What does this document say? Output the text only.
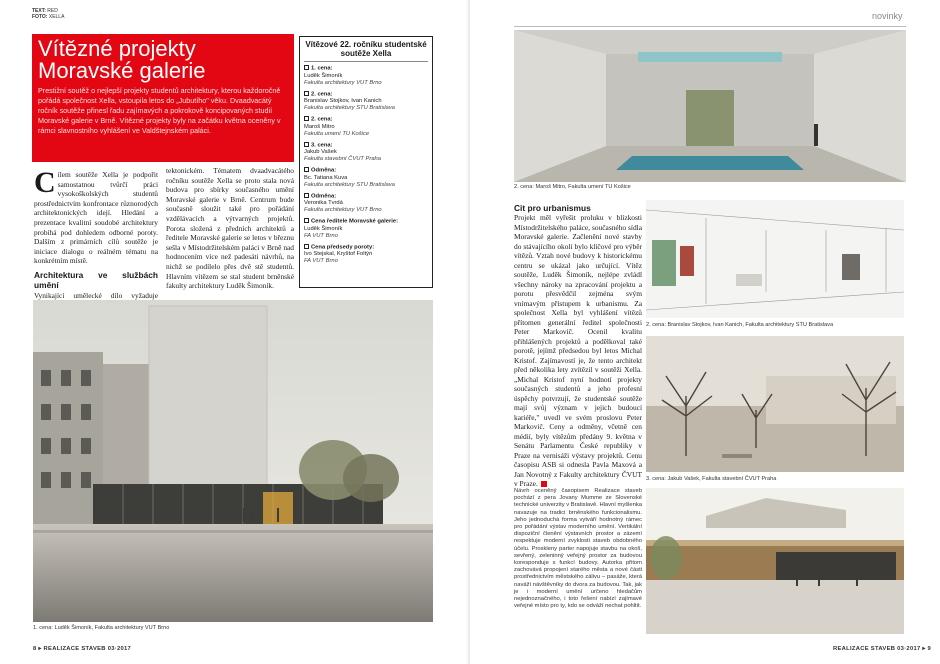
TEXT: RED
FOTO: XELLA
Vítězné projekty Moravské galerie

Prestižní soutěž o nejlepší projekty studentů architektury, kterou každoročně pořádá společnost Xella, vstoupila letos do „Jubutího" věku. Dvaadvacátý ročník soutěže přinesl řadu zajímavých a pokrokově koncipovaných studií Moravské galerie v Brně. Vítězné projekty byly na začátku května oceněny v rámci slavnostního vyhlášení ve Valdštejnském paláci.

Vítězové 22. ročníku studentské soutěže Xella
1. cena:
Luděk Šimoník
Fakulta architektury VUT Brno
2. cena:
Branislav Stojkov, Ivan Kanich
Fakulta architektury STU Bratislava
2. cena:
Maroš Mitro
Fakulta umení TU Košice
3. cena:
Jakub Vašek
Fakulta stavební ČVUT Praha
Odměna:
Bc. Tatiana Kuva
Fakulta architektury STU Bratislava
Odměna:
Veronika Tvrdá
Fakulta architektury VUT Brno
Cena ředitele Moravské galerie:
Luděk Šimoník
FA VUT Brno
Cena předsedy poroty:
Ivo Stejskal, Kryštof Foltýn
FA VUT Brno

Cílem soutěže Xella je podpořit samostatnou tvůrčí práci vysokoškolských studentů prostřednictvím konfrontace různorodých architektonických idejí. Hledání a prezentace kvalitní soudobé architektury probíhá pod dohledem odborné poroty. Dalším z primárních cílů soutěže je iniciace dialogu o reálném tématu na konkrétním místě.

Architektura ve službách umění

Vynikající umělecké dílo vyžaduje

tektonickém. Tématem dvaadvacátého ročníku soutěže Xella se proto stala nová budova pro sbírky současného umění Moravské galerie v Brně. Centrum bude současně sloužit také pro pořádání vzdělávacích a výtvarných projektů. Porota složená z předních architektů a ředitele Moravské galerie se letos v březnu sešla v Místodržitelském paláci v Brně nad hodnocením více než padesáti návrhů, na nichž se podílelo přes dvě stě studentů. Hlavním vítězem se stal student brněnské fakulty architektury Luděk Šimoník.

1. cena: Luděk Šimoník, Fakulta architektury VUT Brno
8 ▸ REALIZACE STAVEB 03·2017
novinky
2. cena: Maroš Mitro, Fakulta umení TU Košice
Cit pro urbanismus

Projekt měl vyřešit proluku v blízkosti Místodržitelského paláce, současného sídla Moravské galerie. Začlenění nové stavby do stávajícího okolí bylo klíčové pro výběr vítězů. Vztah nové budovy k historickému centru se ukázal jako určující. Vítěz soutěže, Luděk Šimoník, nejlépe zvládl všechny nároky na zpracování projektu a porotu přesvědčil zejména svým vnímavým přístupem k urbanismu. Za společnost Xella byl vyhlášení vítězů přítomen generální ředitel společnosti Peter Markovič. Ocenil kvalitu přihlášených projektů a podělkoval také porotě, jejímž předsedou byl letos Michal Kristof. Zajímavostí je, že tento architekt před několika lety zvítězil v soutěži Xella. „Michal Kristof nyní hodnotí projekty současných studentů a jeho profesní úspěchy potvrzují, že studentské soutěže mají svůj význam v jejich budoucí kariéře," uvedl ve svém proslovu Peter Markovič. Ceny a odměny, včetně cen médií, byly vítězům předány 9. května v Senátu Parlamentu České republiky v Praze na vernisáži výstavy projektů. Cenu časopisu ASB si odnesla Pavla Maxová a Jan Novotný z Fakulty architektury ČVUT v Praze.

2. cena: Branislav Stojkov, Ivan Kanich, Fakulta architektury STU Bratislava
3. cena: Jakub Vašek, Fakulta stavební ČVUT Praha
Návrh oceněný časopisem Realizace staveb pochází z pera Jovany Mumme ze Slovenské technické univerzity v Bratislavě. Hlavní myšlenka navazuje na tradici brněnského funkcionalismu. Jeho jednoduchá forma vytváří hodnotný rámec pro pořádání výstav moderního umění. Vertikální dispoziční členění výstavních prostor a zázemí respektuje moderní zvyklosti staveb obdobného účelu. Proskleny parter napojuje stavbu na okolí, sevřený, zeleninný veřejný prostor za budovou koresponduje s funkcí budovy. Autorka přitom zachovává propojení starého města a nové části prostřednictvím městského zálivu – pasáže, která naváží návštěvníky do dvora za budovou. Tak, jak je i moderní umění určeno hledačům nejednoznačného, i toto řešení nabízí zajímavé veřejné místo pro ty, kdo se odváží nechat pohltit.
REALIZACE STAVEB 03·2017 ▸ 9
